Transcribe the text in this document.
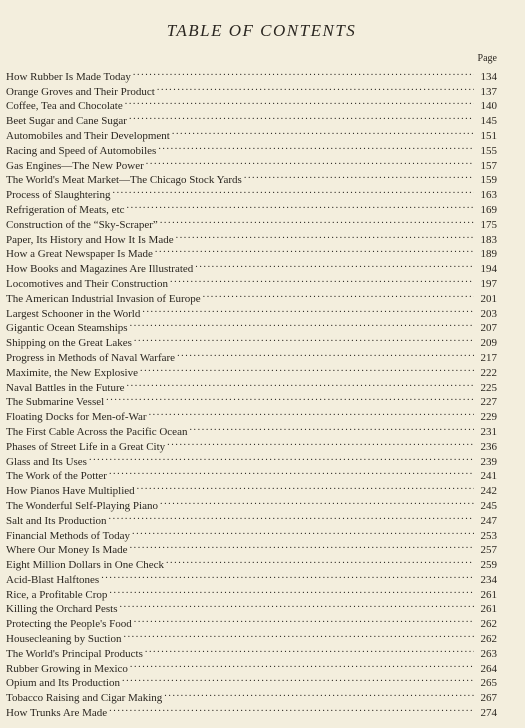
TABLE OF CONTENTS
Page
How Rubber Is Made Today .....	134
Orange Groves and Their Product .....	137
Coffee, Tea and Chocolate .....	140
Beet Sugar and Cane Sugar .....	145
Automobiles and Their Development .....	151
Racing and Speed of Automobiles .....	155
Gas Engines—The New Power .....	157
The World's Meat Market—The Chicago Stock Yards .....	159
Process of Slaughtering .....	163
Refrigeration of Meats, etc .....	169
Construction of the “Sky-Scraper” .....	175
Paper, Its History and How It Is Made .....	183
How a Great Newspaper Is Made .....	189
How Books and Magazines Are Illustrated .....	194
Locomotives and Their Construction .....	197
The American Industrial Invasion of Europe .....	201
Largest Schooner in the World .....	203
Gigantic Ocean Steamships .....	207
Shipping on the Great Lakes .....	209
Progress in Methods of Naval Warfare .....	217
Maximite, the New Explosive .....	222
Naval Battles in the Future .....	225
The Submarine Vessel .....	227
Floating Docks for Men-of-War .....	229
The First Cable Across the Pacific Ocean .....	231
Phases of Street Life in a Great City .....	236
Glass and Its Uses .....	239
The Work of the Potter .....	241
How Pianos Have Multiplied .....	242
The Wonderful Self-Playing Piano .....	245
Salt and Its Production .....	247
Financial Methods of Today .....	253
Where Our Money Is Made .....	257
Eight Million Dollars in One Check .....	259
Acid-Blast Halftones .....	234
Rice, a Profitable Crop .....	261
Killing the Orchard Pests .....	261
Protecting the People's Food .....	262
Housecleaning by Suction .....	262
The World's Principal Products .....	263
Rubber Growing in Mexico .....	264
Opium and Its Production .....	265
Tobacco Raising and Cigar Making .....	267
How Trunks Are Made .....	274
